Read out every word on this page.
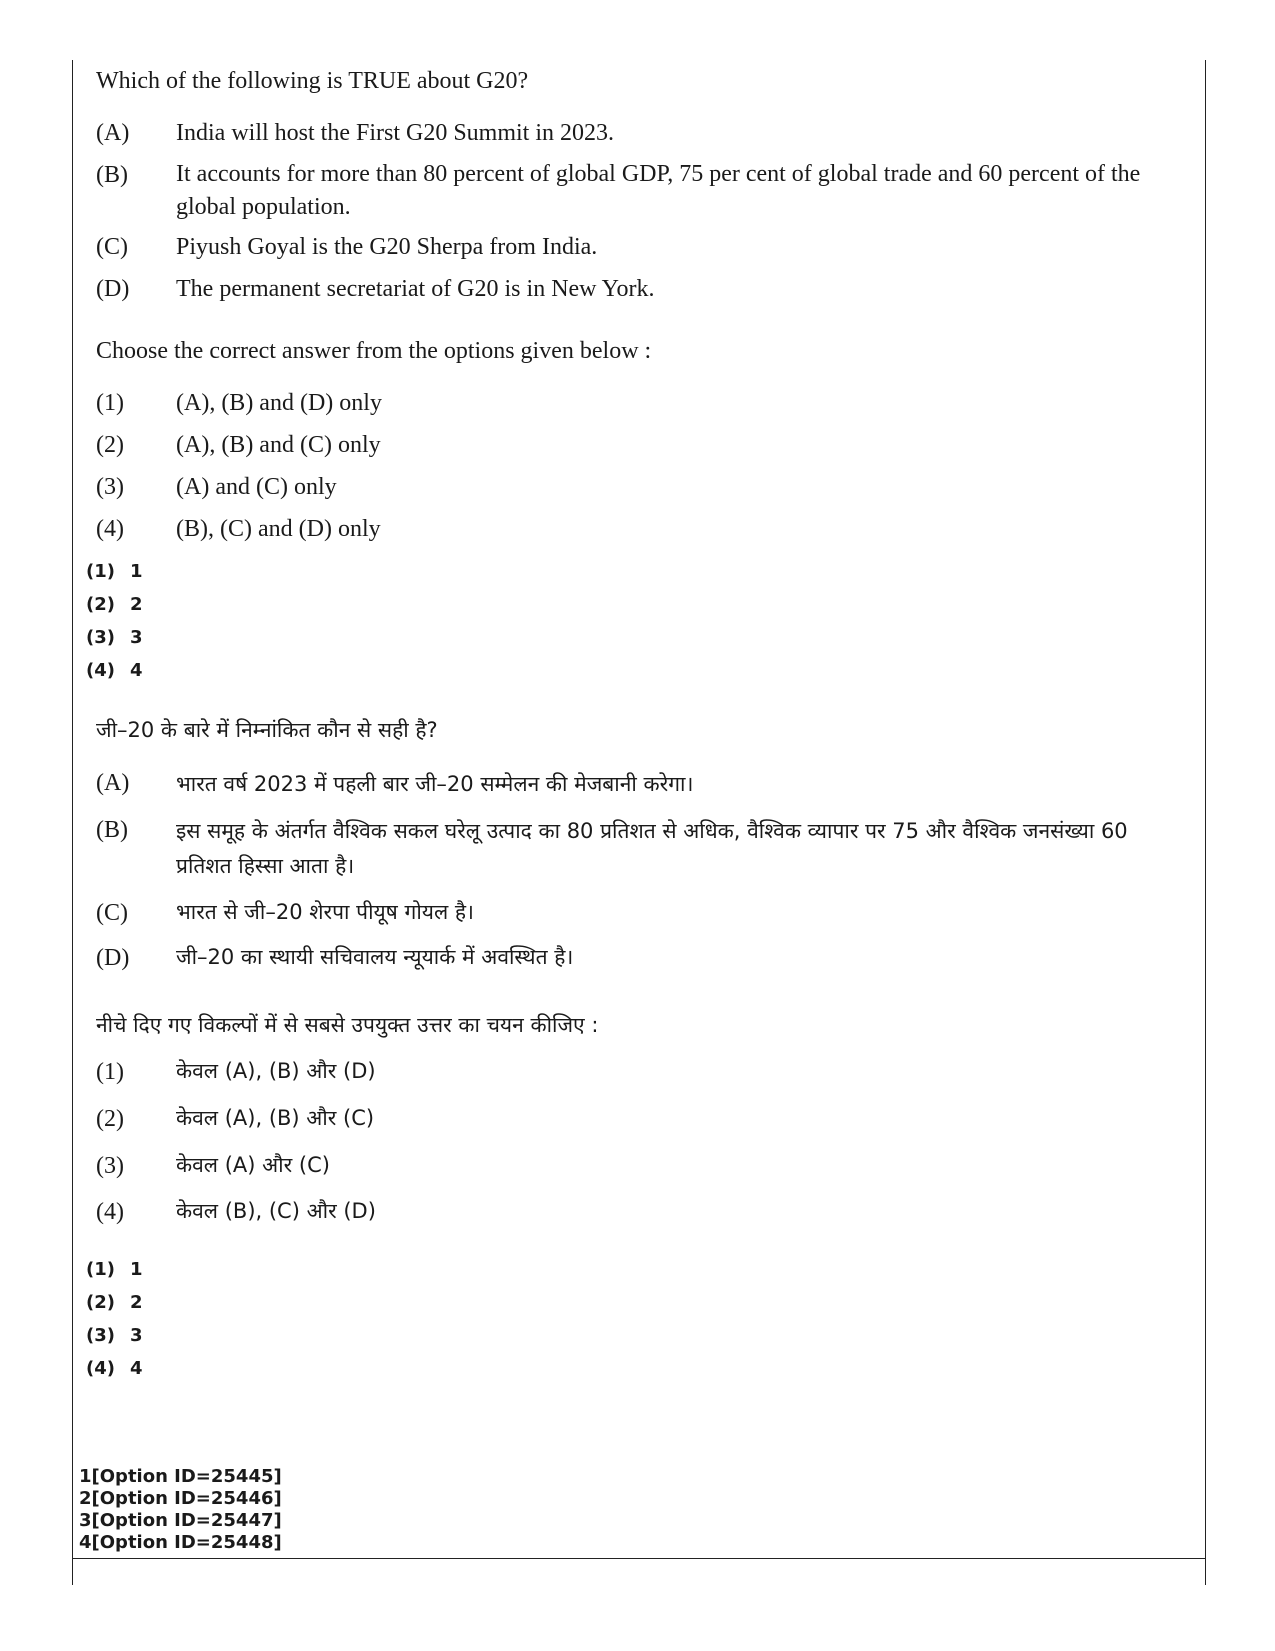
Which of the following is TRUE about G20?
(A) India will host the First G20 Summit in 2023.
(B) It accounts for more than 80 percent of global GDP, 75 per cent of global trade and 60 percent of the global population.
(C) Piyush Goyal is the G20 Sherpa from India.
(D) The permanent secretariat of G20 is in New York.
Choose the correct answer from the options given below :
(1) (A), (B) and (D) only
(2) (A), (B) and (C) only
(3) (A) and (C) only
(4) (B), (C) and (D) only
(1) 1
(2) 2
(3) 3
(4) 4
जी–20 के बारे में निम्नांकित कौन से सही है?
(A) भारत वर्ष 2023 में पहली बार जी–20 सम्मेलन की मेजबानी करेगा।
(B) इस समूह के अंतर्गत वैश्विक सकल घरेलू उत्पाद का 80 प्रतिशत से अधिक, वैश्विक व्यापार पर 75 और वैश्विक जनसंख्या 60 प्रतिशत हिस्सा आता है।
(C) भारत से जी–20 शेरपा पीयूष गोयल है।
(D) जी–20 का स्थायी सचिवालय न्यूयार्क में अवस्थित है।
नीचे दिए गए विकल्पों में से सबसे उपयुक्त उत्तर का चयन कीजिए :
(1) केवल (A), (B) और (D)
(2) केवल (A), (B) और (C)
(3) केवल (A) और (C)
(4) केवल (B), (C) और (D)
(1) 1
(2) 2
(3) 3
(4) 4
1[Option ID=25445]
2[Option ID=25446]
3[Option ID=25447]
4[Option ID=25448]
